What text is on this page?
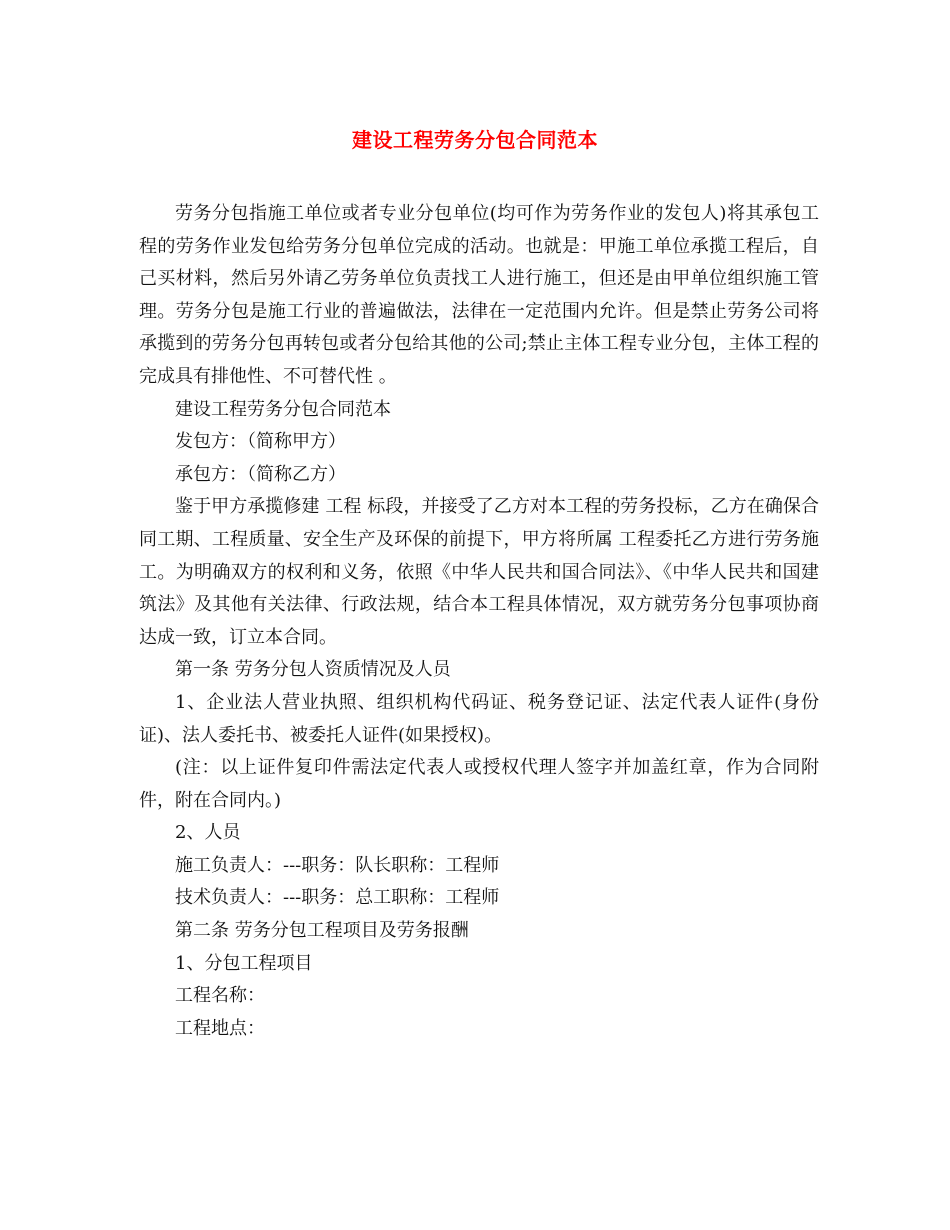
建设工程劳务分包合同范本

劳务分包指施工单位或者专业分包单位(均可作为劳务作业的发包人)将其承包工程的劳务作业发包给劳务分包单位完成的活动。也就是：甲施工单位承揽工程后，自己买材料，然后另外请乙劳务单位负责找工人进行施工，但还是由甲单位组织施工管理。劳务分包是施工行业的普遍做法，法律在一定范围内允许。但是禁止劳务公司将承揽到的劳务分包再转包或者分包给其他的公司;禁止主体工程专业分包，主体工程的完成具有排他性、不可替代性 。

建设工程劳务分包合同范本

发包方：（简称甲方）

承包方：（简称乙方）

鉴于甲方承揽修建 工程 标段，并接受了乙方对本工程的劳务投标，乙方在确保合同工期、工程质量、安全生产及环保的前提下，甲方将所属 工程委托乙方进行劳务施工。为明确双方的权利和义务，依照《中华人民共和国合同法》、《中华人民共和国建筑法》及其他有关法律、行政法规，结合本工程具体情况，双方就劳务分包事项协商达成一致，订立本合同。

第一条 劳务分包人资质情况及人员

1、企业法人营业执照、组织机构代码证、税务登记证、法定代表人证件(身份证)、法人委托书、被委托人证件(如果授权)。

(注：以上证件复印件需法定代表人或授权代理人签字并加盖红章，作为合同附件，附在合同内。)

2、人员

施工负责人：---职务：队长职称：工程师

技术负责人：---职务：总工职称：工程师

第二条 劳务分包工程项目及劳务报酬

1、分包工程项目

工程名称：

工程地点：
